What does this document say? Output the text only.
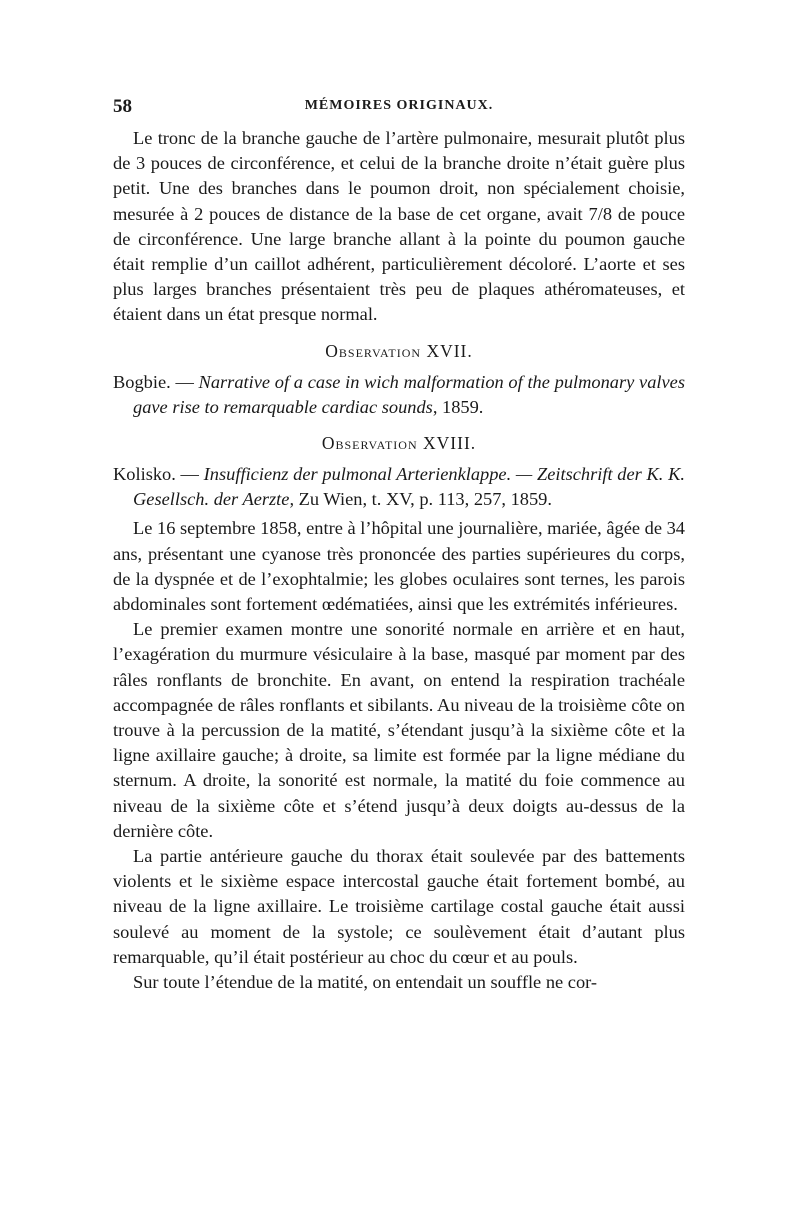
58	MÉMOIRES ORIGINAUX.

Le tronc de la branche gauche de l’artère pulmonaire, mesurait plutôt plus de 3 pouces de circonférence, et celui de la branche droite n’était guère plus petit. Une des branches dans le poumon droit, non spécialement choisie, mesurée à 2 pouces de distance de la base de cet organe, avait 7/8 de pouce de circonférence. Une large branche allant à la pointe du poumon gauche était remplie d’un caillot adhérent, particulièrement décoloré. L’aorte et ses plus larges branches présentaient très peu de plaques athéromateuses, et étaient dans un état presque normal.

Observation XVII.
Bogbie. — Narrative of a case in wich malformation of the pulmonary valves gave rise to remarquable cardiac sounds, 1859.
Observation XVIII.
Kolisko. — Insufficienz der pulmonal Arterienklappe. — Zeitschrift der K. K. Gesellsch. der Aerzte, Zu Wien, t. XV, p. 113, 257, 1859.

Le 16 septembre 1858, entre à l’hôpital une journalière, mariée, âgée de 34 ans, présentant une cyanose très prononcée des parties supérieures du corps, de la dyspnée et de l’exophtalmie; les globes oculaires sont ternes, les parois abdominales sont fortement œdématiées, ainsi que les extrémités inférieures.

Le premier examen montre une sonorité normale en arrière et en haut, l’exagération du murmure vésiculaire à la base, masqué par moment par des râles ronflants de bronchite. En avant, on entend la respiration trachéale accompagnée de râles ronflants et sibilants. Au niveau de la troisième côte on trouve à la percussion de la matité, s’étendant jusqu’à la sixième côte et la ligne axillaire gauche; à droite, sa limite est formée par la ligne médiane du sternum. A droite, la sonorité est normale, la matité du foie commence au niveau de la sixième côte et s’étend jusqu’à deux doigts au-dessus de la dernière côte.

La partie antérieure gauche du thorax était soulevée par des battements violents et le sixième espace intercostal gauche était fortement bombé, au niveau de la ligne axillaire. Le troisième cartilage costal gauche était aussi soulevé au moment de la systole; ce soulèvement était d’autant plus remarquable, qu’il était postérieur au choc du cœur et au pouls.

Sur toute l’étendue de la matité, on entendait un souffle ne cor-
